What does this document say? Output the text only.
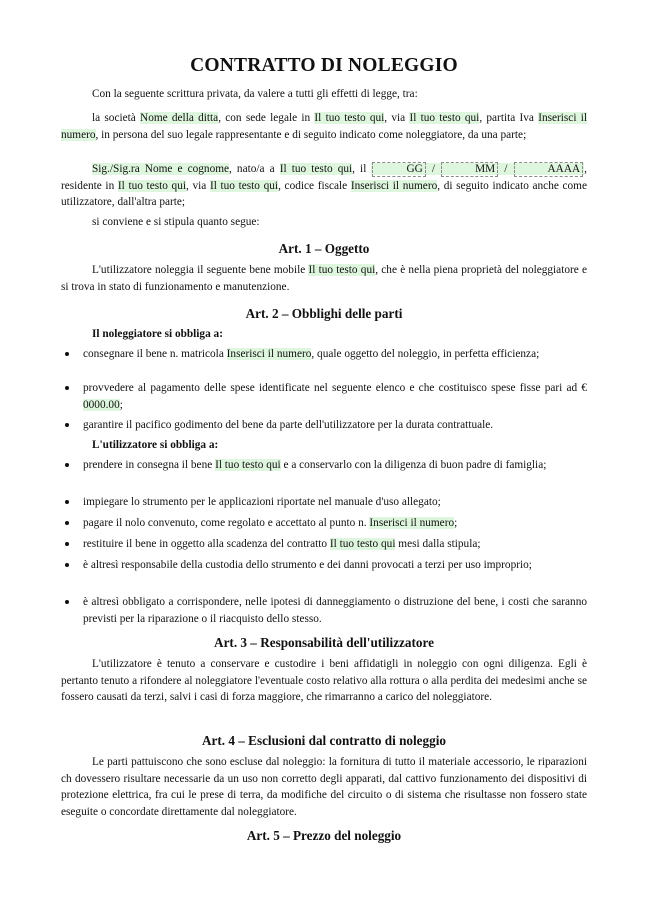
CONTRATTO DI NOLEGGIO
Con la seguente scrittura privata, da valere a tutti gli effetti di legge, tra:
la società Nome della ditta, con sede legale in Il tuo testo qui, via Il tuo testo qui, partita Iva Inserisci il numero, in persona del suo legale rappresentante e di seguito indicato come noleggiatore, da una parte;
Sig./Sig.ra Nome e cognome, nato/a a Il tuo testo qui, il	GG /	MM /	AAAA , residente in Il tuo testo qui, via Il tuo testo qui, codice fiscale Inserisci il numero, di seguito indicato anche come utilizzatore, dall'altra parte;
si conviene e si stipula quanto segue:
Art. 1 – Oggetto
L'utilizzatore noleggia il seguente bene mobile Il tuo testo qui, che è nella piena proprietà del noleggiatore e si trova in stato di funzionamento e manutenzione.
Art. 2 – Obblighi delle parti
Il noleggiatore si obbliga a:
consegnare il bene n. matricola Inserisci il numero, quale oggetto del noleggio, in perfetta efficienza;
provvedere al pagamento delle spese identificate nel seguente elenco e che costituisco spese fisse pari ad € 0000.00;
garantire il pacifico godimento del bene da parte dell'utilizzatore per la durata contrattuale.
L'utilizzatore si obbliga a:
prendere in consegna il bene Il tuo testo qui e a conservarlo con la diligenza di buon padre di famiglia;
impiegare lo strumento per le applicazioni riportate nel manuale d'uso allegato;
pagare il nolo convenuto, come regolato e accettato al punto n. Inserisci il numero;
restituire il bene in oggetto alla scadenza del contratto Il tuo testo qui mesi dalla stipula;
è altresì responsabile della custodia dello strumento e dei danni provocati a terzi per uso improprio;
è altresì obbligato a corrispondere, nelle ipotesi di danneggiamento o distruzione del bene, i costi che saranno previsti per la riparazione o il riacquisto dello stesso.
Art. 3 – Responsabilità dell'utilizzatore
L'utilizzatore è tenuto a conservare e custodire i beni affidatigli in noleggio con ogni diligenza. Egli è pertanto tenuto a rifondere al noleggiatore l'eventuale costo relativo alla rottura o alla perdita dei medesimi anche se fossero causati da terzi, salvi i casi di forza maggiore, che rimarranno a carico del noleggiatore.
Art. 4 – Esclusioni dal contratto di noleggio
Le parti pattuiscono che sono escluse dal noleggio: la fornitura di tutto il materiale accessorio, le riparazioni ch dovessero risultare necessarie da un uso non corretto degli apparati, dal cattivo funzionamento dei dispositivi di protezione elettrica, fra cui le prese di terra, da modifiche del circuito o di sistema che risultasse non fossero state eseguite o concordate direttamente dal noleggiatore.
Art. 5 – Prezzo del noleggio
